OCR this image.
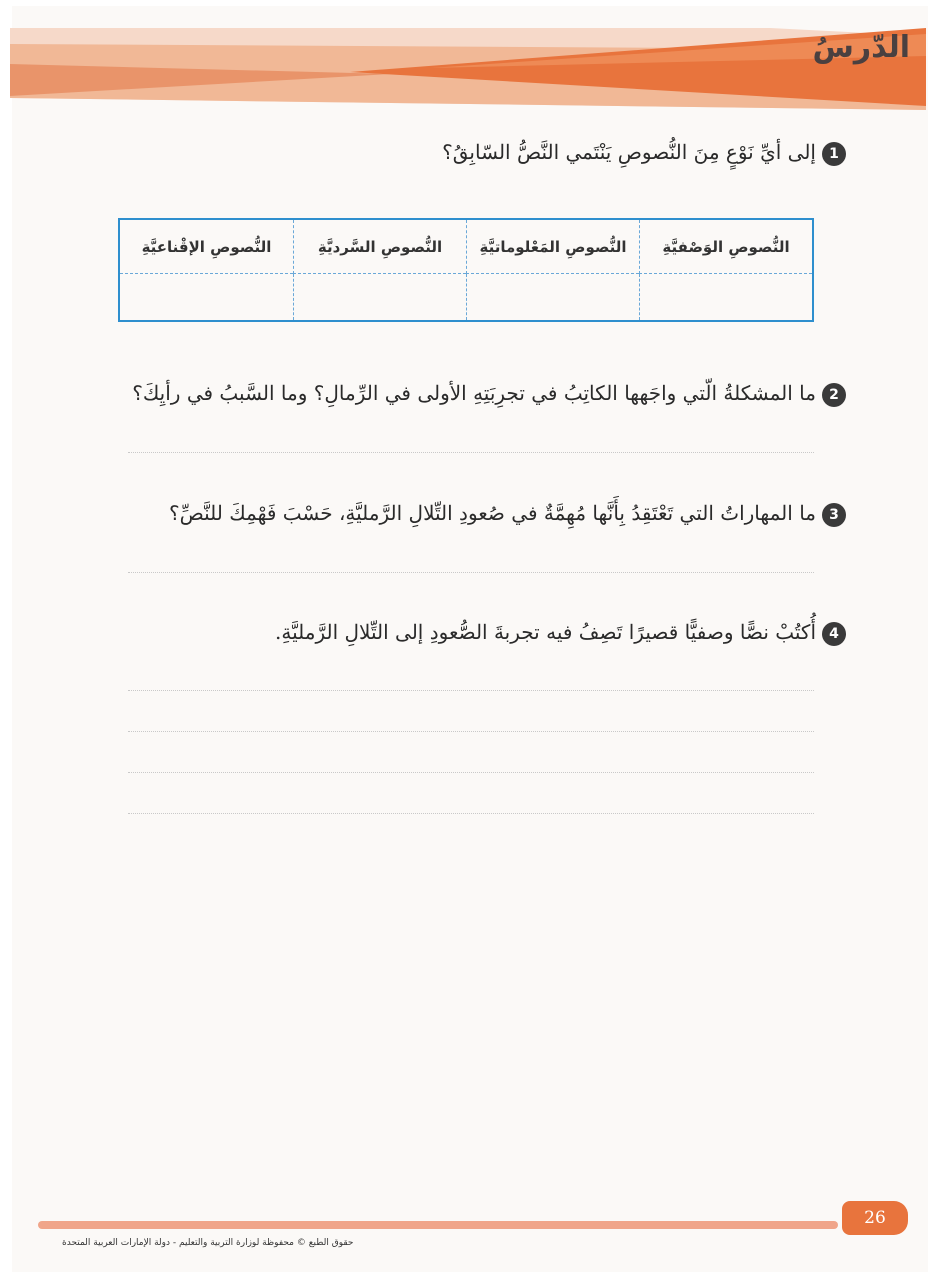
الدّرسُ
1
إلى أيِّ نَوْعٍ مِنَ النُّصوصِ يَنْتَمي النَّصُّ السّابِقُ؟
النُّصوصِ الوَصْفيَّةِ
النُّصوصِ المَعْلوماتيَّةِ
النُّصوصِ السَّرديَّةِ
النُّصوصِ الإقْناعيَّةِ
2
ما المشكلةُ الّتي واجَهها الكاتِبُ في تجرِبَتِهِ الأولى في الرِّمالِ؟ وما السَّببُ في رأيِكَ؟
3
ما المهاراتُ التي تَعْتَقِدُ بِأَنَّها مُهِمَّةٌ في صُعودِ التِّلالِ الرَّمليَّةِ، حَسْبَ فَهْمِكَ للنَّصِّ؟
4
أُكتُبْ نصًّا وصفيًّا قصيرًا تَصِفُ فيه تجربةَ الصُّعودِ إلى التِّلالِ الرَّمليَّةِ.
26
حقوق الطبع © محفوظة لوزارة التربية والتعليم - دولة الإمارات العربية المتحدة
